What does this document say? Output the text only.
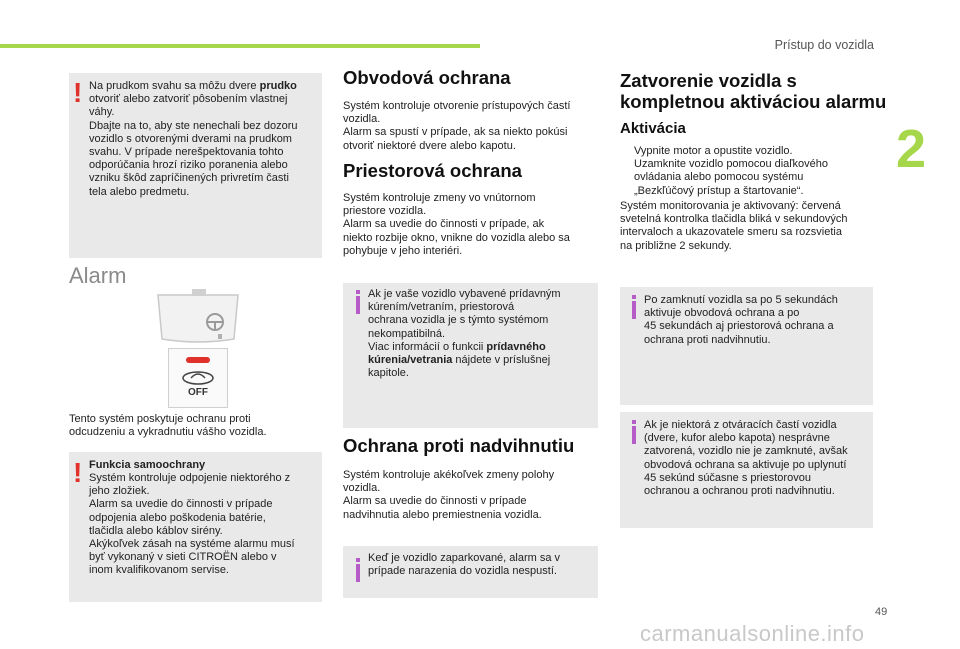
Prístup do vozidla
2
! Na prudkom svahu sa môžu dvere prudko
otvoriť alebo zatvoriť pôsobením vlastnej
váhy.
Dbajte na to, aby ste nenechali bez dozoru
vozidlo s otvorenými dverami na prudkom
svahu. V prípade nerešpektovania tohto
odporúčania hrozí riziko poranenia alebo
vzniku škôd zapríčinených privretím časti
tela alebo predmetu.

Alarm
OFF

Tento systém poskytuje ochranu proti
odcudzeniu a vykradnutiu vášho vozidla.

! Funkcia samoochrany

Systém kontroluje odpojenie niektorého z
jeho zložiek.
Alarm sa uvedie do činnosti v prípade
odpojenia alebo poškodenia batérie,
tlačidla alebo káblov sirény.
Akýkoľvek zásah na systéme alarmu musí
byť vykonaný v sieti CITROËN alebo v
inom kvalifikovanom servise.

Obvodová ochrana

Systém kontroluje otvorenie prístupových častí
vozidla.
Alarm sa spustí v prípade, ak sa niekto pokúsi
otvoriť niektoré dvere alebo kapotu.

Priestorová ochrana

Systém kontroluje zmeny vo vnútornom
priestore vozidla.
Alarm sa uvedie do činnosti v prípade, ak
niekto rozbije okno, vnikne do vozidla alebo sa
pohybuje v jeho interiéri.

Ak je vaše vozidlo vybavené prídavným
kúrením/vetraním, priestorová
ochrana vozidla je s týmto systémom
nekompatibilná.
Viac informácií o funkcii prídavného
kúrenia/vetrania nájdete v príslušnej
kapitole.

Ochrana proti nadvihnutiu

Systém kontroluje akékoľvek zmeny polohy
vozidla.
Alarm sa uvedie do činnosti v prípade
nadvihnutia alebo premiestnenia vozidla.

Keď je vozidlo zaparkované, alarm sa v
prípade narazenia do vozidla nespustí.

Zatvorenie vozidla s
kompletnou aktiváciou alarmu
Aktivácia
Vypnite motor a opustite vozidlo.
Uzamknite vozidlo pomocou diaľkového
ovládania alebo pomocou systému
„Bezkľúčový prístup a štartovanie“.

Systém monitorovania je aktivovaný: červená
svetelná kontrolka tlačidla bliká v sekundových
intervaloch a ukazovatele smeru sa rozsvietia
na približne 2 sekundy.

Po zamknutí vozidla sa po 5 sekundách
aktivuje obvodová ochrana a po
45 sekundách aj priestorová ochrana a
ochrana proti nadvihnutiu.

Ak je niektorá z otváracích častí vozidla
(dvere, kufor alebo kapota) nesprávne
zatvorená, vozidlo nie je zamknuté, avšak
obvodová ochrana sa aktivuje po uplynutí
45 sekúnd súčasne s priestorovou
ochranou a ochranou proti nadvihnutiu.

49
carmanualsonline.info
